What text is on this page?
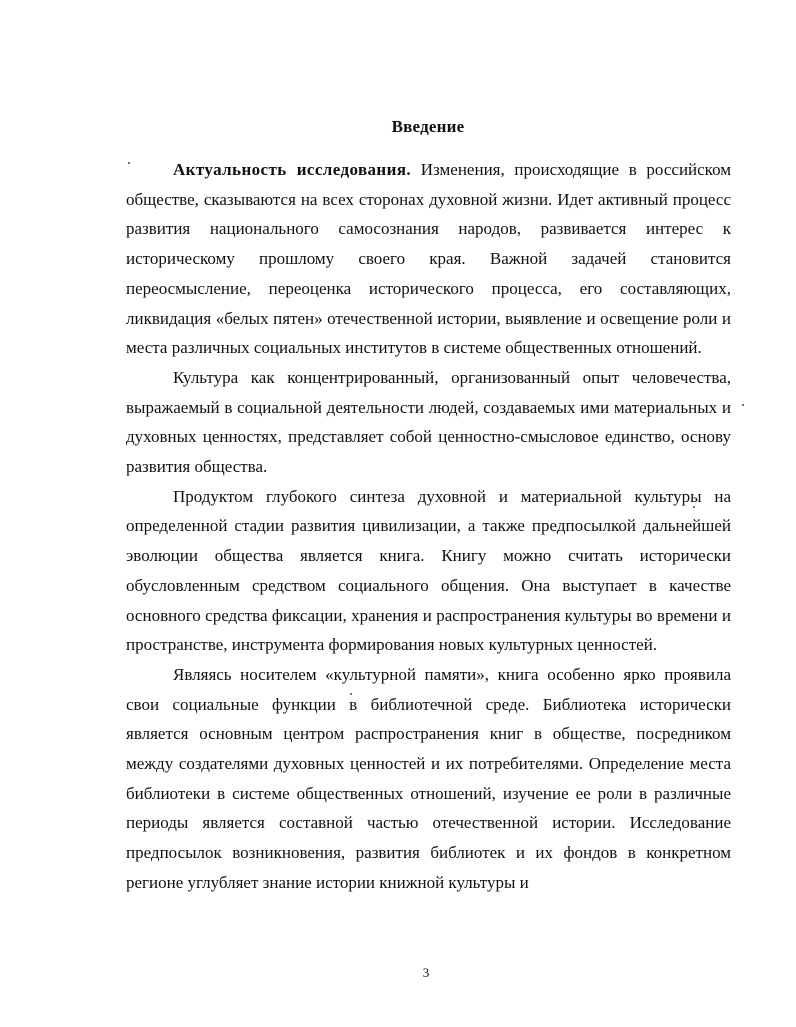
Введение

Актуальность исследования. Изменения, происходящие в российском обществе, сказываются на всех сторонах духовной жизни. Идет активный процесс развития национального самосознания народов, развивается интерес к историческому прошлому своего края. Важной задачей становится переосмысление, переоценка исторического процесса, его составляющих, ликвидация «белых пятен» отечественной истории, выявление и освещение роли и места различных социальных институтов в системе общественных отношений.

Культура как концентрированный, организованный опыт человечества, выражаемый в социальной деятельности людей, создаваемых ими материальных и духовных ценностях, представляет собой ценностно-смысловое единство, основу развития общества.

Продуктом глубокого синтеза духовной и материальной культуры на определенной стадии развития цивилизации, а также предпосылкой дальнейшей эволюции общества является книга. Книгу можно считать исторически обусловленным средством социального общения. Она выступает в качестве основного средства фиксации, хранения и распространения культуры во времени и пространстве, инструмента формирования новых культурных ценностей.

Являясь носителем «культурной памяти», книга особенно ярко проявила свои социальные функции в библиотечной среде. Библиотека исторически является основным центром распространения книг в обществе, посредником между создателями духовных ценностей и их потребителями. Определение места библиотеки в системе общественных отношений, изучение ее роли в различные периоды является составной частью отечественной истории. Исследование предпосылок возникновения, развития библиотек и их фондов в конкретном регионе углубляет знание истории книжной культуры и

3
